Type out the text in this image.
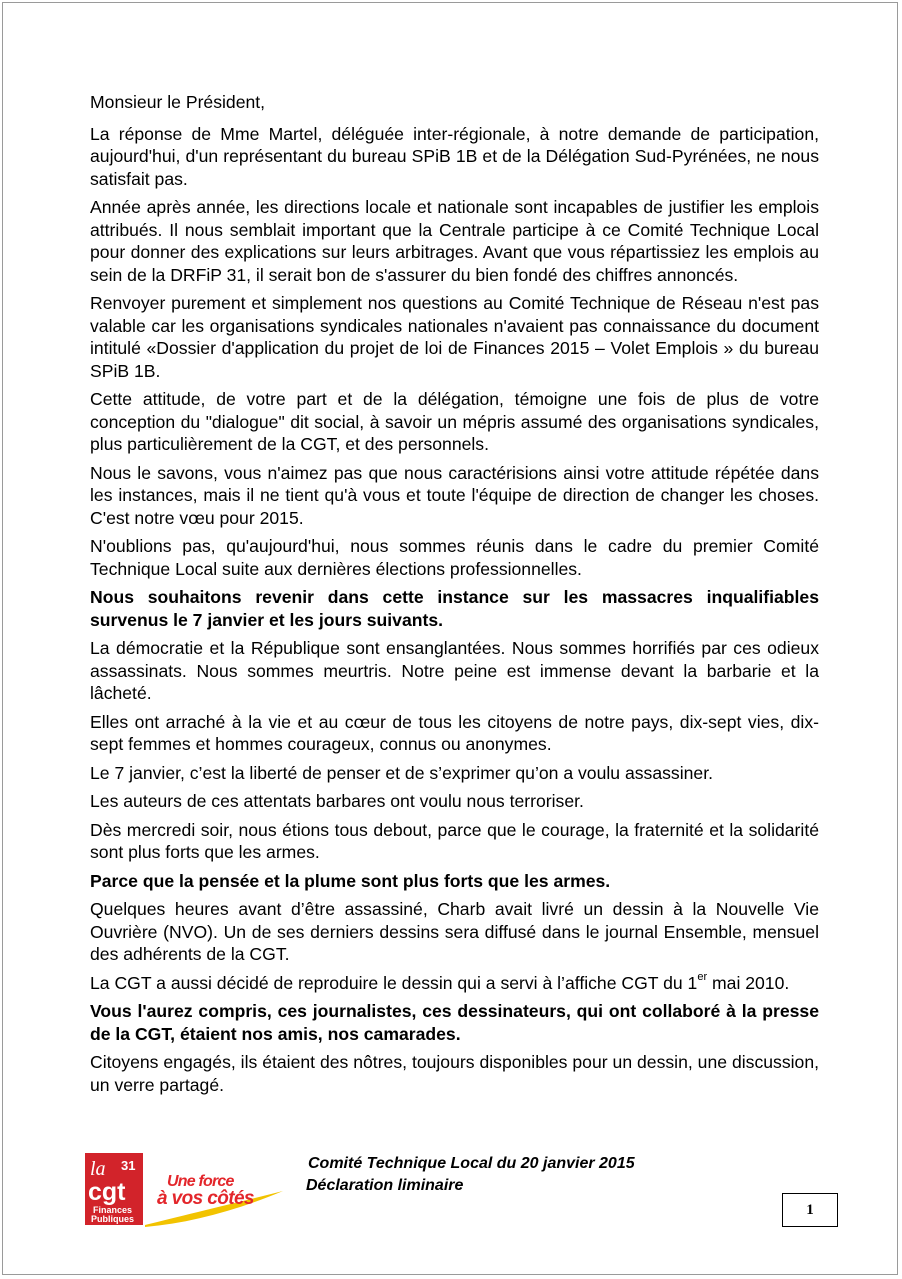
Monsieur le Président,

La réponse de Mme Martel, déléguée inter-régionale, à notre demande de participation, aujourd'hui, d'un représentant du bureau SPiB 1B et de la Délégation Sud-Pyrénées, ne nous satisfait pas.

Année après année, les directions locale et nationale sont incapables de justifier les emplois attribués. Il nous semblait important que la Centrale participe à ce Comité Technique Local pour donner des explications sur leurs arbitrages. Avant que vous répartissiez les emplois au sein de la DRFiP 31, il serait bon de s'assurer du bien fondé des chiffres annoncés.

Renvoyer purement et simplement nos questions au Comité Technique de Réseau n'est pas valable car les organisations syndicales nationales n'avaient pas connaissance du document intitulé «Dossier d'application du projet de loi de Finances 2015 – Volet Emplois » du bureau SPiB 1B.

Cette attitude, de votre part et de la délégation, témoigne une fois de plus de votre conception du "dialogue" dit social, à savoir un mépris assumé des organisations syndicales, plus particulièrement de la CGT, et des personnels.

Nous le savons, vous n'aimez pas que nous caractérisions ainsi votre attitude répétée dans les instances, mais il ne tient qu'à vous et toute l'équipe de direction de changer les choses. C'est notre vœu pour 2015.

N'oublions pas, qu'aujourd'hui, nous sommes réunis dans le cadre du premier Comité Technique Local suite aux dernières élections professionnelles.

Nous souhaitons revenir dans cette instance sur les massacres inqualifiables survenus le 7 janvier et les jours suivants.

La démocratie et la République sont ensanglantées. Nous sommes horrifiés par ces odieux assassinats. Nous sommes meurtris. Notre peine est immense devant la barbarie et la lâcheté.

Elles ont arraché à la vie et au cœur de tous les citoyens de notre pays, dix-sept vies, dix-sept femmes et hommes courageux, connus ou anonymes.

Le 7 janvier, c’est la liberté de penser et de s’exprimer qu’on a voulu assassiner.

Les auteurs de ces attentats barbares ont voulu nous terroriser.

Dès mercredi soir, nous étions tous debout, parce que le courage, la fraternité et la solidarité sont plus forts que les armes.

Parce que la pensée et la plume sont plus forts que les armes.

Quelques heures avant d’être assassiné, Charb avait livré un dessin à la Nouvelle Vie Ouvrière (NVO). Un de ses derniers dessins sera diffusé dans le journal Ensemble, mensuel des adhérents de la CGT.

La CGT a aussi décidé de reproduire le dessin qui a servi à l’affiche CGT du 1er mai 2010.

Vous l'aurez compris, ces journalistes, ces dessinateurs, qui ont collaboré à la presse de la CGT, étaient nos amis, nos camarades.

Citoyens engagés, ils étaient des nôtres, toujours disponibles pour un dessin, une discussion, un verre partagé.

la 31
cgt
Finances
Publiques
Une force
à vos côtés
Comité Technique Local du 20 janvier 2015
Déclaration liminaire
1
